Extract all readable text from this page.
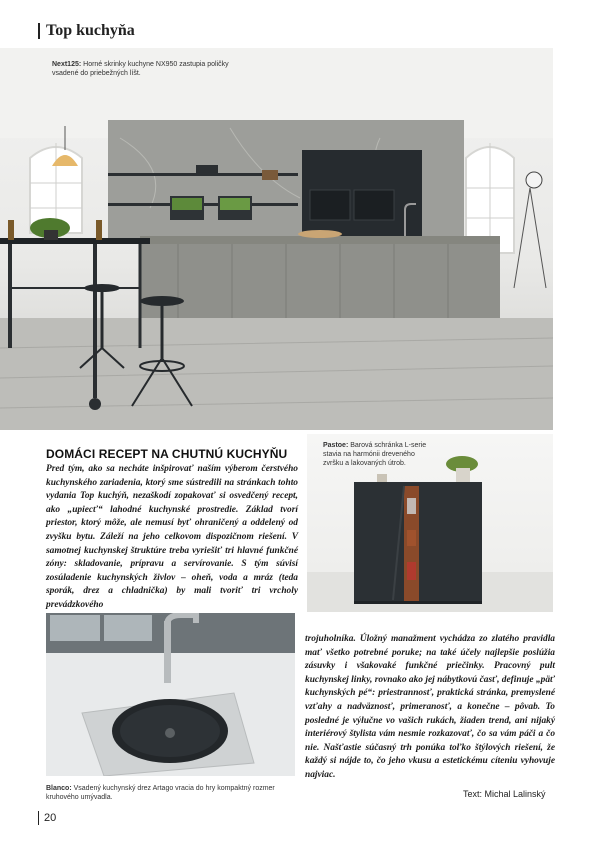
Top kuchyňa
Next125: Horné skrinky kuchyne NX950 zastupia poličky vsadené do priebežných líšt.
DOMÁCI RECEPT NA CHUTNÚ KUCHYŇU
Pred tým, ako sa necháte inšpirovať naším výberom čerstvého kuchynského zariadenia, ktorý sme sústredili na stránkach tohto vydania Top kuchýň, nezaškodí zopakovať si osvedčený recept, ako „upiecť“ lahodné kuchynské prostredie. Základ tvorí priestor, ktorý môže, ale nemusí byť ohraničený a oddelený od zvyšku bytu. Záleží na jeho celkovom dispozičnom riešení. V samotnej kuchynskej štruktúre treba vyriešiť tri hlavné funkčné zóny: skladovanie, prípravu a servírovanie. S tým súvisí zosúladenie kuchynských živlov – oheň, voda a mráz (teda sporák, drez a chladnička) by mali tvoriť tri vrcholy prevádzkového
Pastoe: Barová schránka L-serie stavia na harmónii dreveného zvršku a lakovaných útrob.
Blanco: Vsadený kuchynský drez Artago vracia do hry kompaktný rozmer kruhového umývadla.
trojuholníka. Úložný manažment vychádza zo zlatého pravidla mať všetko potrebné poruke; na také účely najlepšie poslúžia zásuvky i všakovaké funkčné priečinky. Pracovný pult kuchynskej linky, rovnako ako jej nábytkovú časť, definuje „päť kuchynských pé“: priestrannosť, praktická stránka, premyslené vzťahy a nadväznosť, primeranosť, a konečne – pôvab. To posledné je výlučne vo vašich rukách, žiaden trend, ani nijaký interiérový štylista vám nesmie rozkazovať, čo sa vám páči a čo nie. Našťastie súčasný trh ponúka toľko štýlových riešení, že každý si nájde to, čo jeho vkusu a estetickému cíteniu vyhovuje najviac.
Text: Michal Lalinský
20
